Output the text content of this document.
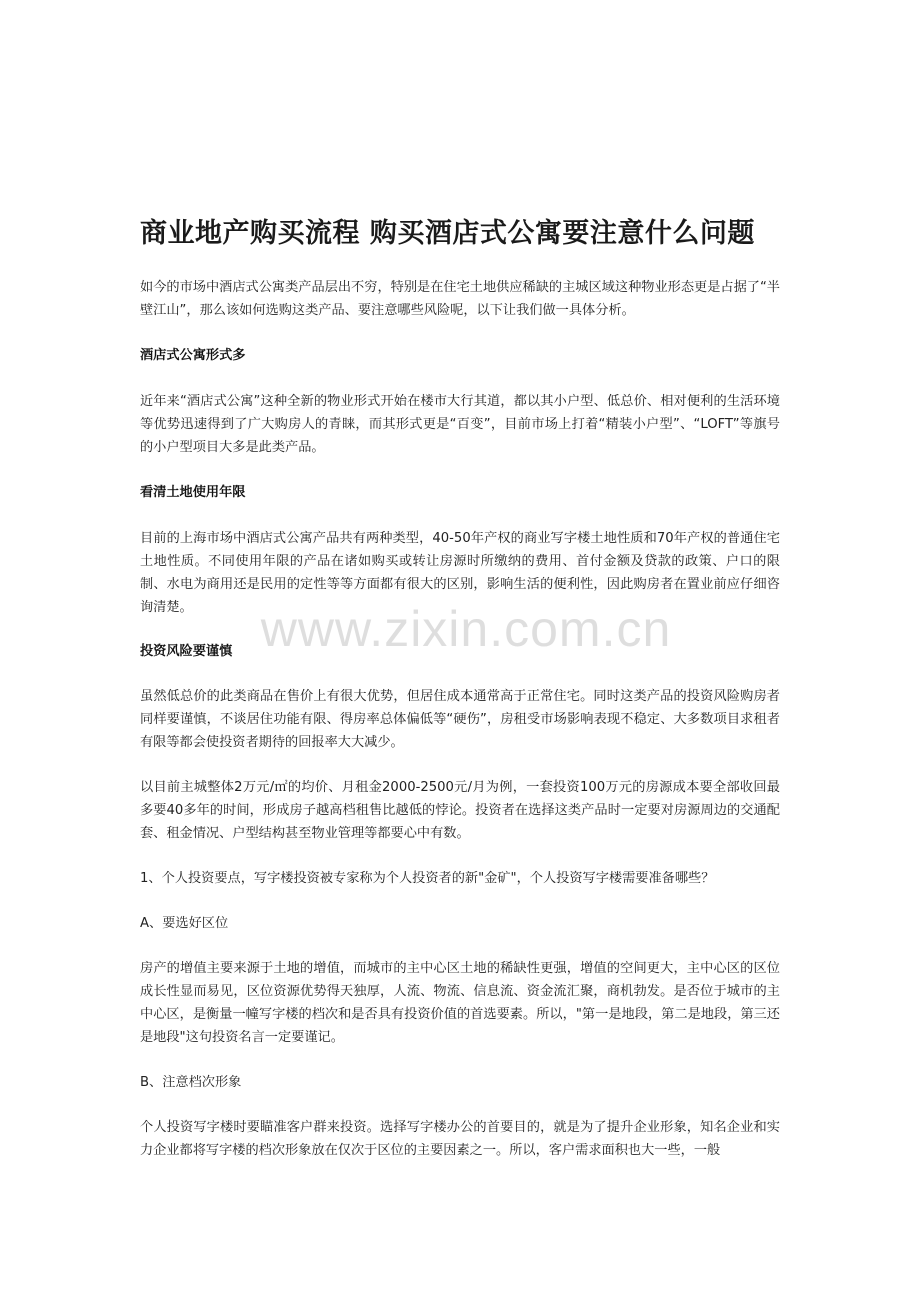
商业地产购买流程 购买酒店式公寓要注意什么问题

如今的市场中酒店式公寓类产品层出不穷，特别是在住宅土地供应稀缺的主城区域这种物业形态更是占据了“半壁江山”，那么该如何选购这类产品、要注意哪些风险呢，以下让我们做一具体分析。

酒店式公寓形式多

近年来“酒店式公寓”这种全新的物业形式开始在楼市大行其道，都以其小户型、低总价、相对便利的生活环境等优势迅速得到了广大购房人的青睐，而其形式更是“百变”，目前市场上打着“精装小户型”、“LOFT”等旗号的小户型项目大多是此类产品。

看清土地使用年限

目前的上海市场中酒店式公寓产品共有两种类型，40-50年产权的商业写字楼土地性质和70年产权的普通住宅土地性质。不同使用年限的产品在诸如购买或转让房源时所缴纳的费用、首付金额及贷款的政策、户口的限制、水电为商用还是民用的定性等等方面都有很大的区别，影响生活的便利性，因此购房者在置业前应仔细咨询清楚。

投资风险要谨慎

虽然低总价的此类商品在售价上有很大优势，但居住成本通常高于正常住宅。同时这类产品的投资风险购房者同样要谨慎，不谈居住功能有限、得房率总体偏低等“硬伤”，房租受市场影响表现不稳定、大多数项目求租者有限等都会使投资者期待的回报率大大减少。

以目前主城整体2万元/㎡的均价、月租金2000-2500元/月为例，一套投资100万元的房源成本要全部收回最多要40多年的时间，形成房子越高档租售比越低的悖论。投资者在选择这类产品时一定要对房源周边的交通配套、租金情况、户型结构甚至物业管理等都要心中有数。

1、个人投资要点，写字楼投资被专家称为个人投资者的新"金矿"，个人投资写字楼需要准备哪些？

A、要选好区位

房产的增值主要来源于土地的增值，而城市的主中心区土地的稀缺性更强，增值的空间更大，主中心区的区位成长性显而易见，区位资源优势得天独厚，人流、物流、信息流、资金流汇聚，商机勃发。是否位于城市的主中心区，是衡量一幢写字楼的档次和是否具有投资价值的首选要素。所以，"第一是地段，第二是地段，第三还是地段"这句投资名言一定要谨记。

B、注意档次形象

个人投资写字楼时要瞄准客户群来投资。选择写字楼办公的首要目的，就是为了提升企业形象，知名企业和实力企业都将写字楼的档次形象放在仅次于区位的主要因素之一。所以，客户需求面积也大一些，一般

www.zixin.com.cn
